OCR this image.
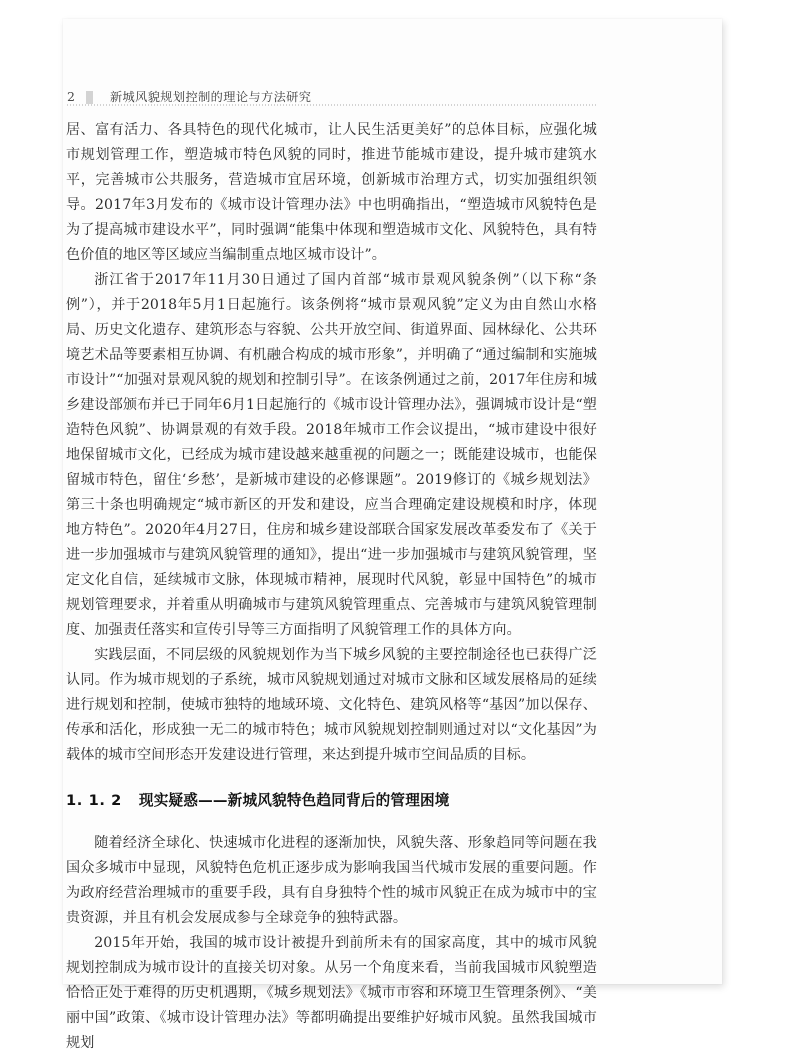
2	新城风貌规划控制的理论与方法研究

居、富有活力、各具特色的现代化城市，让人民生活更美好”的总体目标，应强化城市规划管理工作，塑造城市特色风貌的同时，推进节能城市建设，提升城市建筑水平，完善城市公共服务，营造城市宜居环境，创新城市治理方式，切实加强组织领导。2017年3月发布的《城市设计管理办法》中也明确指出，“塑造城市风貌特色是为了提高城市建设水平”，同时强调“能集中体现和塑造城市文化、风貌特色，具有特色价值的地区等区域应当编制重点地区城市设计”。

浙江省于2017年11月30日通过了国内首部“城市景观风貌条例”（以下称“条例”），并于2018年5月1日起施行。该条例将“城市景观风貌”定义为由自然山水格局、历史文化遗存、建筑形态与容貌、公共开放空间、街道界面、园林绿化、公共环境艺术品等要素相互协调、有机融合构成的城市形象”，并明确了“通过编制和实施城市设计”“加强对景观风貌的规划和控制引导”。在该条例通过之前，2017年住房和城乡建设部颁布并已于同年6月1日起施行的《城市设计管理办法》，强调城市设计是“塑造特色风貌”、协调景观的有效手段。2018年城市工作会议提出，“城市建设中很好地保留城市文化，已经成为城市建设越来越重视的问题之一；既能建设城市，也能保留城市特色，留住‘乡愁’，是新城市建设的必修课题”。2019修订的《城乡规划法》第三十条也明确规定“城市新区的开发和建设，应当合理确定建设规模和时序，体现地方特色”。2020年4月27日，住房和城乡建设部联合国家发展改革委发布了《关于进一步加强城市与建筑风貌管理的通知》，提出“进一步加强城市与建筑风貌管理，坚定文化自信，延续城市文脉，体现城市精神，展现时代风貌，彰显中国特色”的城市规划管理要求，并着重从明确城市与建筑风貌管理重点、完善城市与建筑风貌管理制度、加强责任落实和宣传引导等三方面指明了风貌管理工作的具体方向。

实践层面，不同层级的风貌规划作为当下城乡风貌的主要控制途径也已获得广泛认同。作为城市规划的子系统，城市风貌规划通过对城市文脉和区域发展格局的延续进行规划和控制，使城市独特的地域环境、文化特色、建筑风格等“基因”加以保存、传承和活化，形成独一无二的城市特色；城市风貌规划控制则通过对以“文化基因”为载体的城市空间形态开发建设进行管理，来达到提升城市空间品质的目标。

1. 1. 2 现实疑惑——新城风貌特色趋同背后的管理困境

随着经济全球化、快速城市化进程的逐渐加快，风貌失落、形象趋同等问题在我国众多城市中显现，风貌特色危机正逐步成为影响我国当代城市发展的重要问题。作为政府经营治理城市的重要手段，具有自身独特个性的城市风貌正在成为城市中的宝贵资源，并且有机会发展成参与全球竞争的独特武器。

2015年开始，我国的城市设计被提升到前所未有的国家高度，其中的城市风貌规划控制成为城市设计的直接关切对象。从另一个角度来看，当前我国城市风貌塑造恰恰正处于难得的历史机遇期，《城乡规划法》《城市市容和环境卫生管理条例》、“美丽中国”政策、《城市设计管理办法》等都明确提出要维护好城市风貌。虽然我国城市规划
